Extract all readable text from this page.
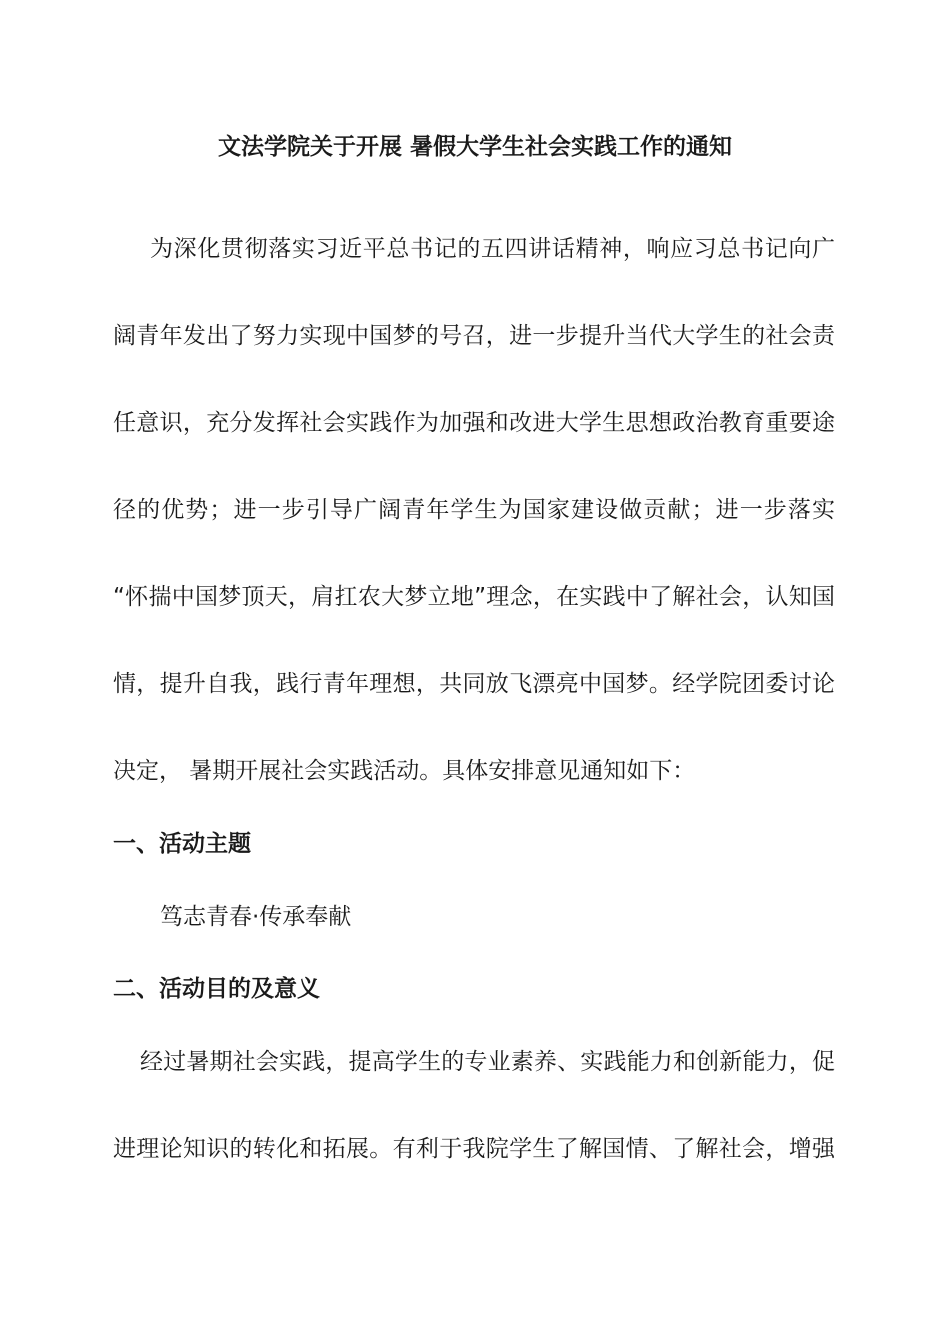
文法学院关于开展 暑假大学生社会实践工作的通知
为深化贯彻落实习近平总书记的五四讲话精神，响应习总书记向广
阔青年发出了努力实现中国梦的号召，进一步提升当代大学生的社会责
任意识，充分发挥社会实践作为加强和改进大学生思想政治教育重要途
径的优势；进一步引导广阔青年学生为国家建设做贡献；进一步落实
“怀揣中国梦顶天，肩扛农大梦立地”理念，在实践中了解社会，认知国
情，提升自我，践行青年理想，共同放飞漂亮中国梦。经学院团委讨论
决定， 暑期开展社会实践活动。具体安排意见通知如下：
一、活动主题
笃志青春·传承奉献
二、活动目的及意义
经过暑期社会实践，提高学生的专业素养、实践能力和创新能力，促
进理论知识的转化和拓展。有利于我院学生了解国情、了解社会，增强
